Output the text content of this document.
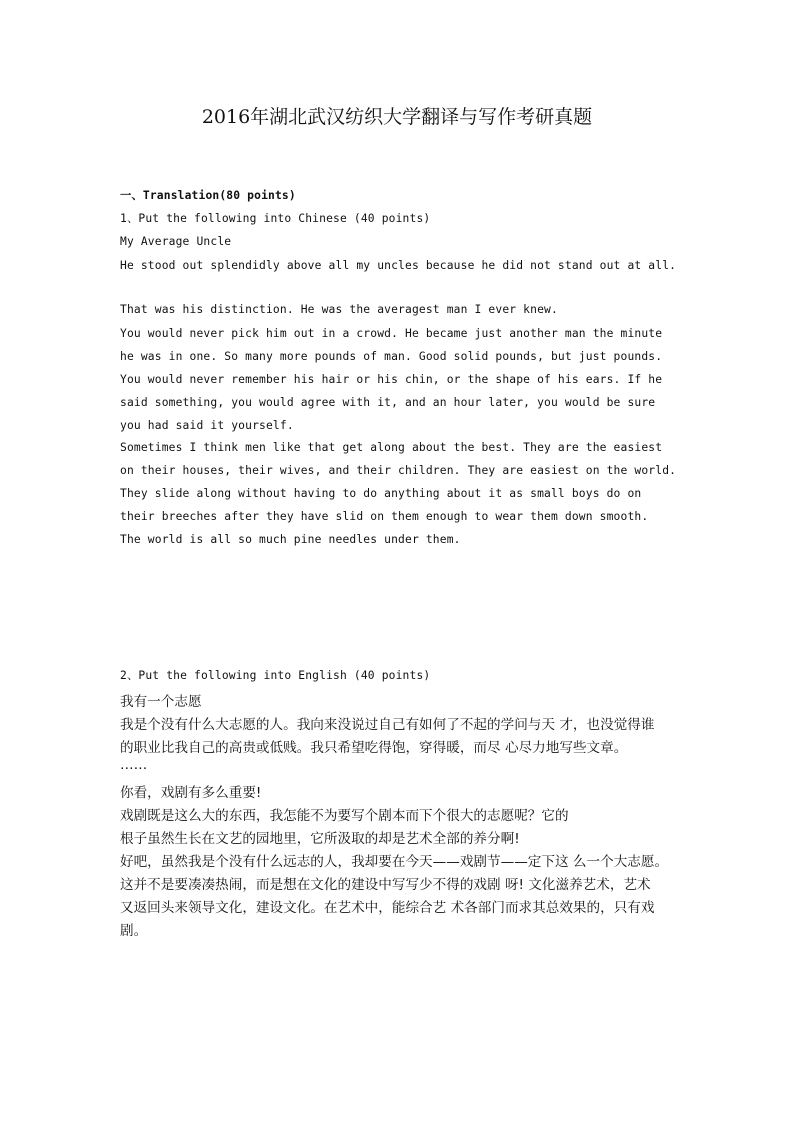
2016年湖北武汉纺织大学翻译与写作考研真题

一、Translation(80 points)

1、Put the following into Chinese (40 points)

My Average Uncle

He stood out splendidly above all my uncles because he did not stand out at all.

That was his distinction. He was the averagest man I ever knew.

You would never pick him out in a crowd. He became just another man the minute

he was in one. So many more pounds of man. Good solid pounds, but just pounds.

You would never remember his hair or his chin, or the shape of his ears. If he

said something, you would agree with it, and an hour later, you would be sure

you had said it yourself.

Sometimes I think men like that get along about the best. They are the easiest

on their houses, their wives, and their children. They are easiest on the world.

They slide along without having to do anything about it as small boys do on

their breeches after they have slid on them enough to wear them down smooth.

The world is all so much pine needles under them.

2、Put the following into English (40 points)

我有一个志愿

我是个没有什么大志愿的人。我向来没说过自己有如何了不起的学问与天 才，也没觉得谁

的职业比我自己的高贵或低贱。我只希望吃得饱，穿得暖，而尽 心尽力地写些文章。

……

你看，戏剧有多么重要!

戏剧既是这么大的东西，我怎能不为要写个剧本而下个很大的志愿呢？它的

根子虽然生长在文艺的园地里，它所汲取的却是艺术全部的养分啊!

好吧，虽然我是个没有什么远志的人，我却要在今天——戏剧节——定下这 么一个大志愿。

这并不是要凑凑热闹，而是想在文化的建设中写写少不得的戏剧 呀! 文化滋养艺术，艺术

又返回头来领导文化，建设文化。在艺术中，能综合艺 术各部门而求其总效果的，只有戏

剧。
